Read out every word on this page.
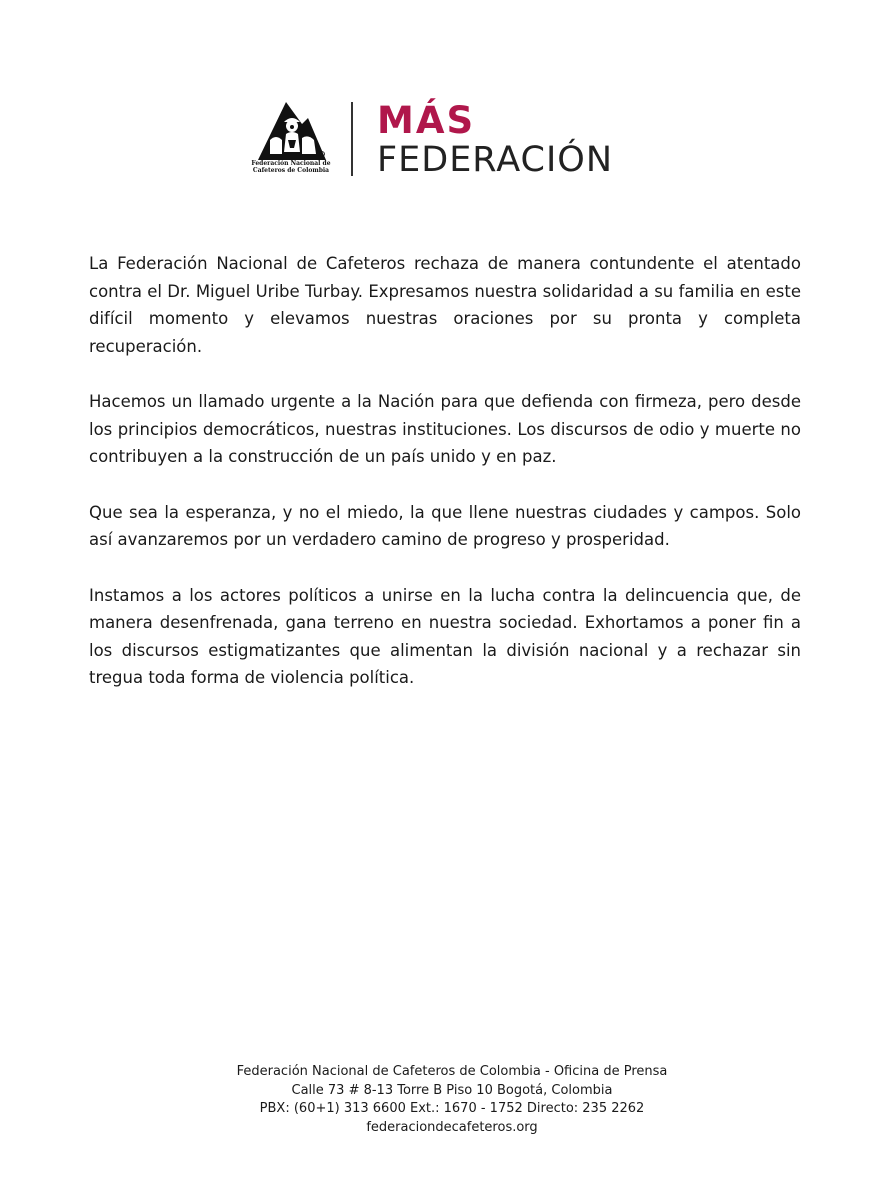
Federación Nacional de
Cafeteros de Colombia
MÁS
FEDERACIÓN

La Federación Nacional de Cafeteros rechaza de manera contundente el atentado contra el Dr. Miguel Uribe Turbay. Expresamos nuestra solidaridad a su familia en este difícil momento y elevamos nuestras oraciones por su pronta y completa recuperación.

Hacemos un llamado urgente a la Nación para que defienda con firmeza, pero desde los principios democráticos, nuestras instituciones. Los discursos de odio y muerte no contribuyen a la construcción de un país unido y en paz.

Que sea la esperanza, y no el miedo, la que llene nuestras ciudades y campos. Solo así avanzaremos por un verdadero camino de progreso y prosperidad.

Instamos a los actores políticos a unirse en la lucha contra la delincuencia que, de manera desenfrenada, gana terreno en nuestra sociedad. Exhortamos a poner fin a los discursos estigmatizantes que alimentan la división nacional y a rechazar sin tregua toda forma de violencia política.

Federación Nacional de Cafeteros de Colombia - Oficina de Prensa
Calle 73 # 8-13 Torre B Piso 10 Bogotá, Colombia
PBX: (60+1) 313 6600 Ext.: 1670 - 1752 Directo: 235 2262
federaciondecafeteros.org
